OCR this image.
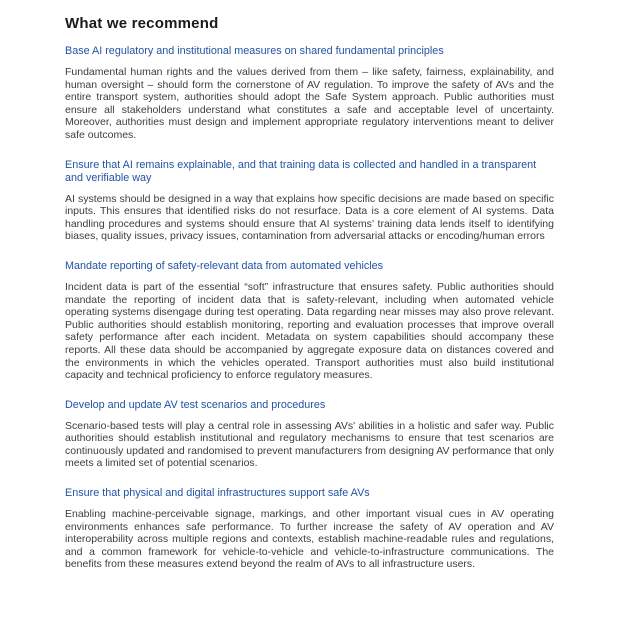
What we recommend
Base AI regulatory and institutional measures on shared fundamental principles

Fundamental human rights and the values derived from them – like safety, fairness, explainability, and human oversight – should form the cornerstone of AV regulation. To improve the safety of AVs and the entire transport system, authorities should adopt the Safe System approach. Public authorities must ensure all stakeholders understand what constitutes a safe and acceptable level of uncertainty. Moreover, authorities must design and implement appropriate regulatory interventions meant to deliver safe outcomes.

Ensure that AI remains explainable, and that training data is collected and handled in a transparent and verifiable way

AI systems should be designed in a way that explains how specific decisions are made based on specific inputs. This ensures that identified risks do not resurface. Data is a core element of AI systems. Data handling procedures and systems should ensure that AI systems’ training data lends itself to identifying biases, quality issues, privacy issues, contamination from adversarial attacks or encoding/human errors

Mandate reporting of safety-relevant data from automated vehicles

Incident data is part of the essential “soft” infrastructure that ensures safety. Public authorities should mandate the reporting of incident data that is safety-relevant, including when automated vehicle operating systems disengage during test operating. Data regarding near misses may also prove relevant. Public authorities should establish monitoring, reporting and evaluation processes that improve overall safety performance after each incident. Metadata on system capabilities should accompany these reports. All these data should be accompanied by aggregate exposure data on distances covered and the environments in which the vehicles operated. Transport authorities must also build institutional capacity and technical proficiency to enforce regulatory measures.

Develop and update AV test scenarios and procedures

Scenario-based tests will play a central role in assessing AVs' abilities in a holistic and safer way. Public authorities should establish institutional and regulatory mechanisms to ensure that test scenarios are continuously updated and randomised to prevent manufacturers from designing AV performance that only meets a limited set of potential scenarios.

Ensure that physical and digital infrastructures support safe AVs

Enabling machine-perceivable signage, markings, and other important visual cues in AV operating environments enhances safe performance. To further increase the safety of AV operation and AV interoperability across multiple regions and contexts, establish machine-readable rules and regulations, and a common framework for vehicle-to-vehicle and vehicle-to-infrastructure communications. The benefits from these measures extend beyond the realm of AVs to all infrastructure users.
